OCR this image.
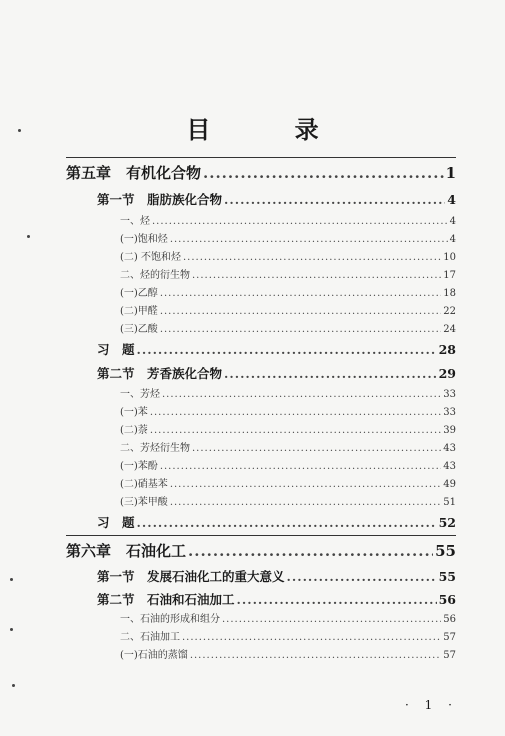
目 录
第五章　有机化合物 .....	1
第一节　脂肪族化合物 .....	4
一、烃 .....	4
(一)饱和烃 .....	4
(二) 不饱和烃 .....	10
二、烃的衍生物 .....	17
(一)乙醇 .....	18
(二)甲醛 .....	22
(三)乙酸 .....	24
习　题 .....	28
第二节　芳香族化合物 .....	29
一、芳烃 .....	33
(一)苯 .....	33
(二)萘 .....	39
二、芳烃衍生物 .....	43
(一)苯酚 .....	43
(二)硝基苯 .....	49
(三)苯甲酸 .....	51
习　题 .....	52
第六章　石油化工 .....	55
第一节　发展石油化工的重大意义 .....	55
第二节　石油和石油加工 .....	56
一、石油的形成和组分 .....	56
二、石油加工 .....	57
(一)石油的蒸馏 .....	57
· 1 ·
